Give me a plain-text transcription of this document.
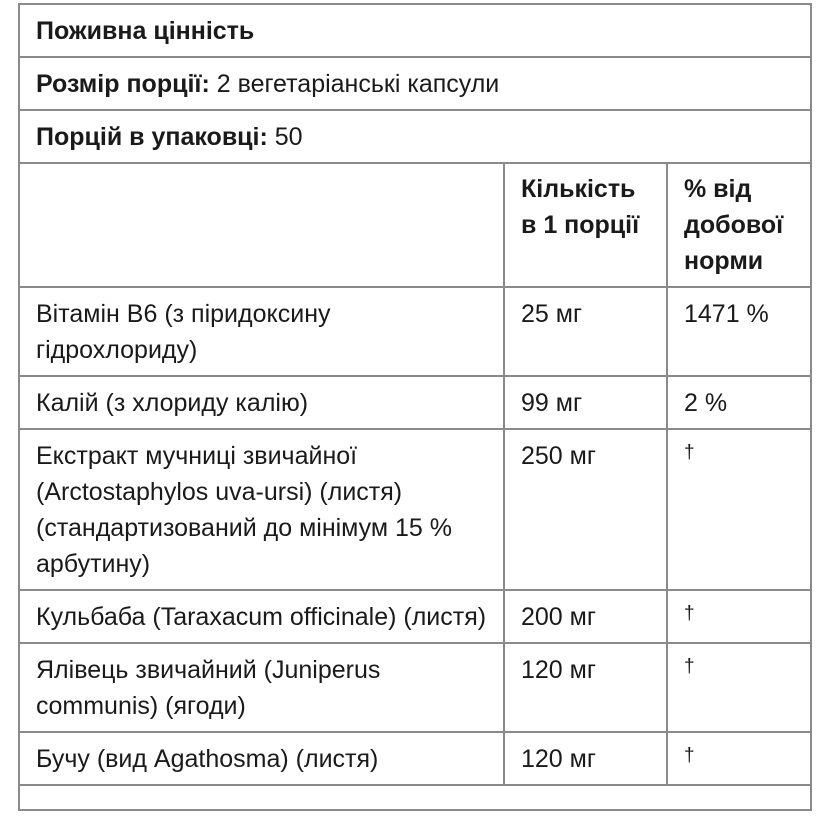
Поживна цінність		
Розмір порції: 2 вегетаріанські капсули		
Порцій в упаковці: 50		
	Кількість в 1 порції	% від добової норми
Вітамін B6 (з піридоксину гідрохлориду)	25 мг	1471 %
Калій (з хлориду калію)	99 мг	2 %
Екстракт мучниці звичайної (Arctostaphylos uva-ursi) (листя) (стандартизований до мінімум 15 % арбутину)	250 мг	†
Кульбаба (Taraxacum officinale) (листя)	200 мг	†
Ялівець звичайний (Juniperus communis) (ягоди)	120 мг	†
Бучу (вид Agathosma) (листя)	120 мг	†
